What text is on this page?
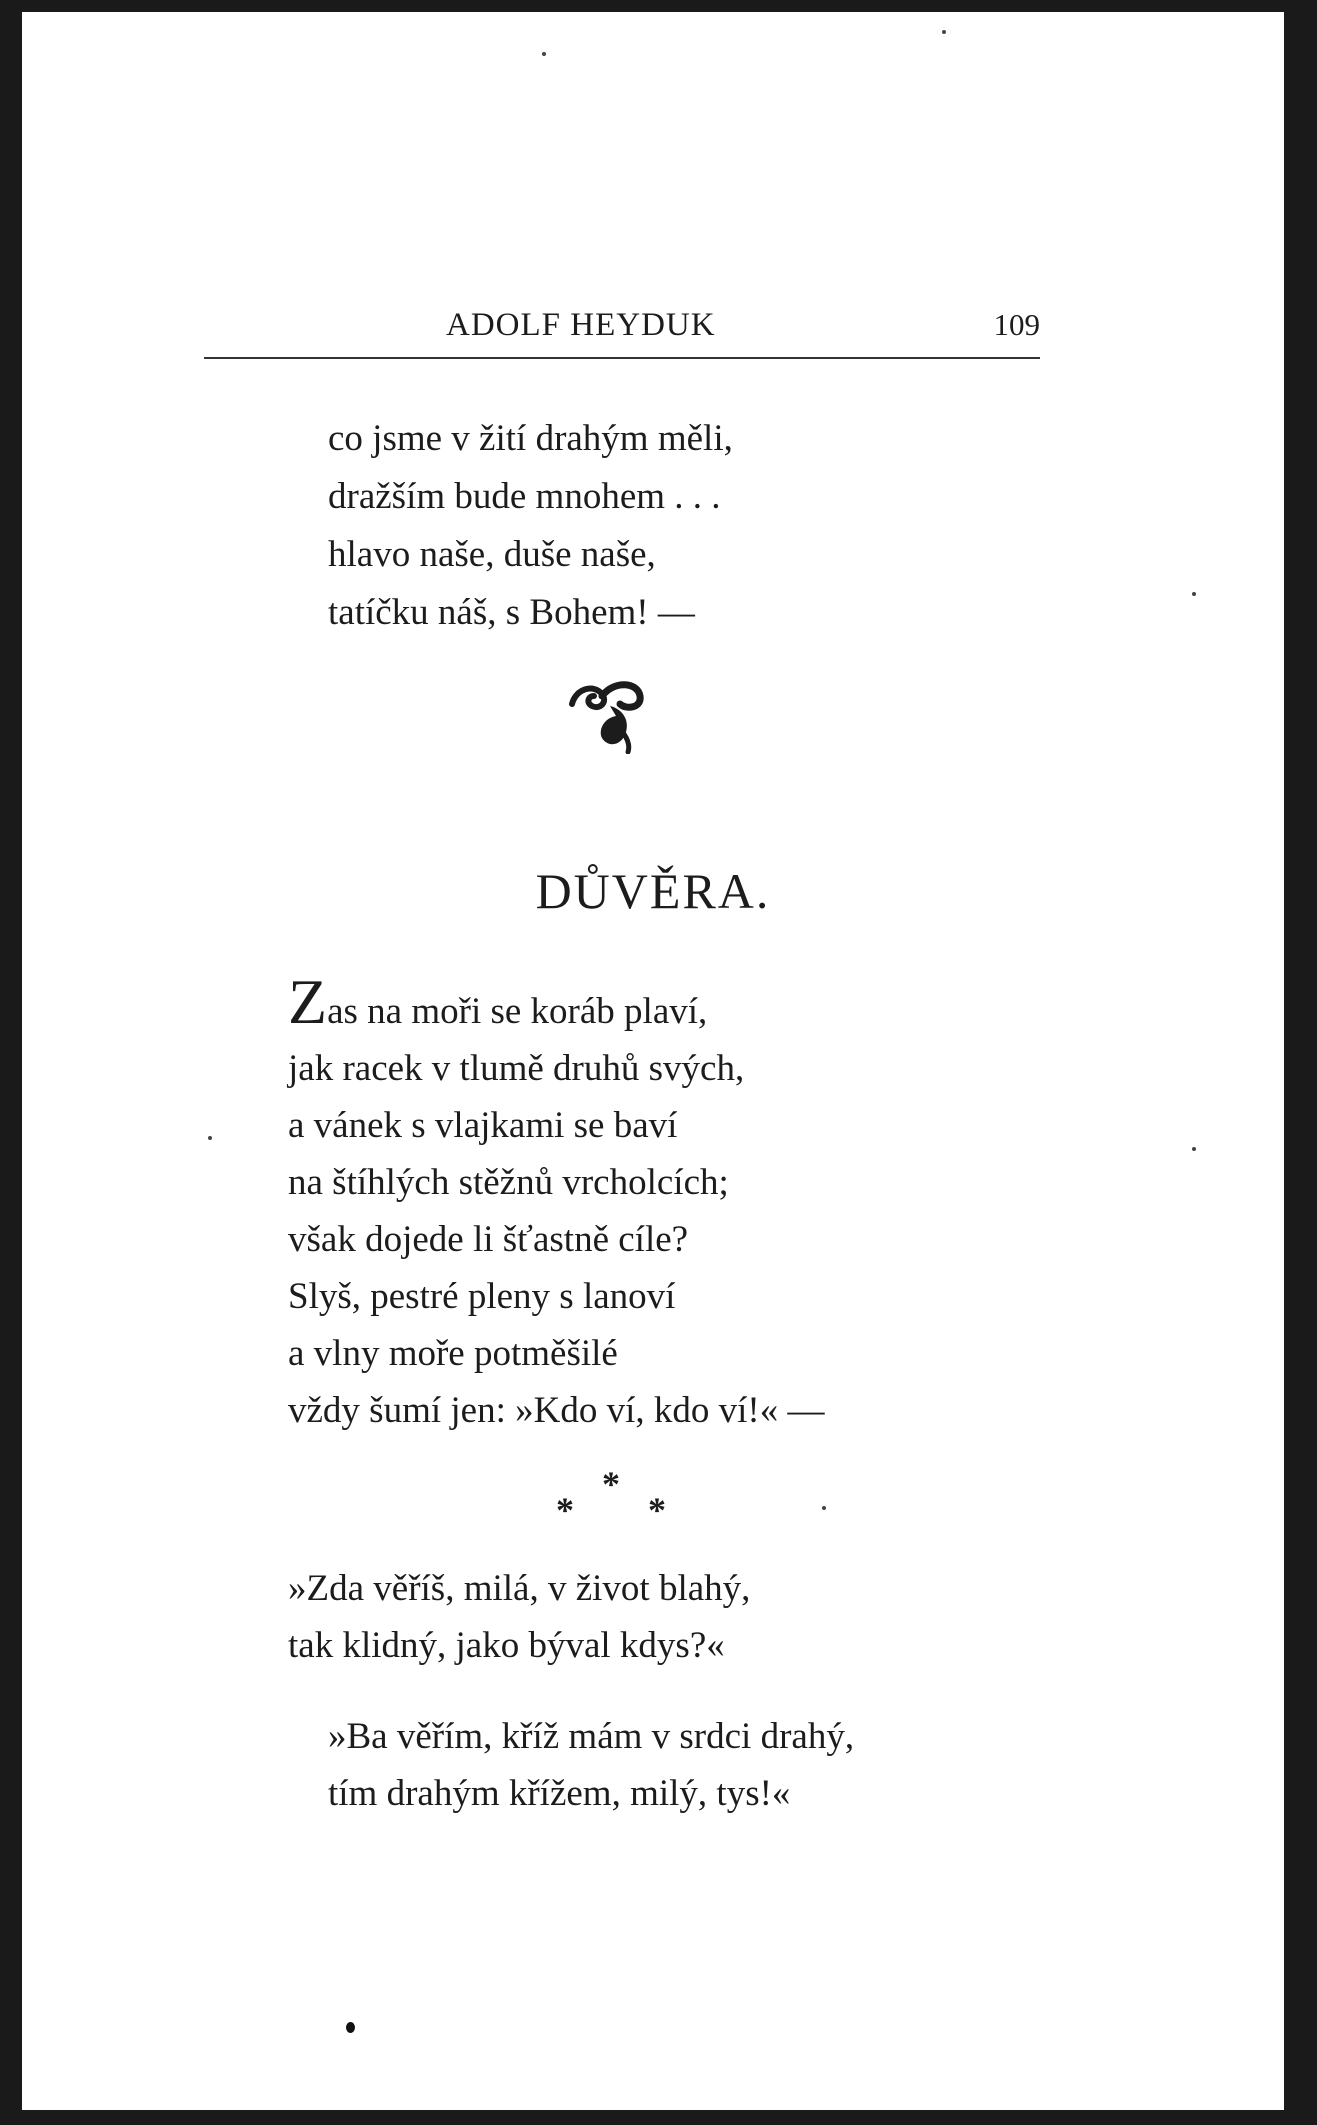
ADOLF HEYDUK	109
co jsme v žití drahým měli,
dražším bude mnohem . . .
hlavo naše, duše naše,
tatíčku náš, s Bohem! —
DŮVĚRA.
Zas na moři se koráb plaví,
jak racek v tlumě druhů svých,
a vánek s vlajkami se baví
na štíhlých stěžnů vrcholcích;
však dojede li šťastně cíle?
Slyš, pestré pleny s lanoví
a vlny moře potměšilé
vždy šumí jen: »Kdo ví, kdo ví!« —
*
*
*
»Zda věříš, milá, v život blahý,
tak klidný, jako býval kdys?«
»Ba věřím, kříž mám v srdci drahý,
tím drahým křížem, milý, tys!«
